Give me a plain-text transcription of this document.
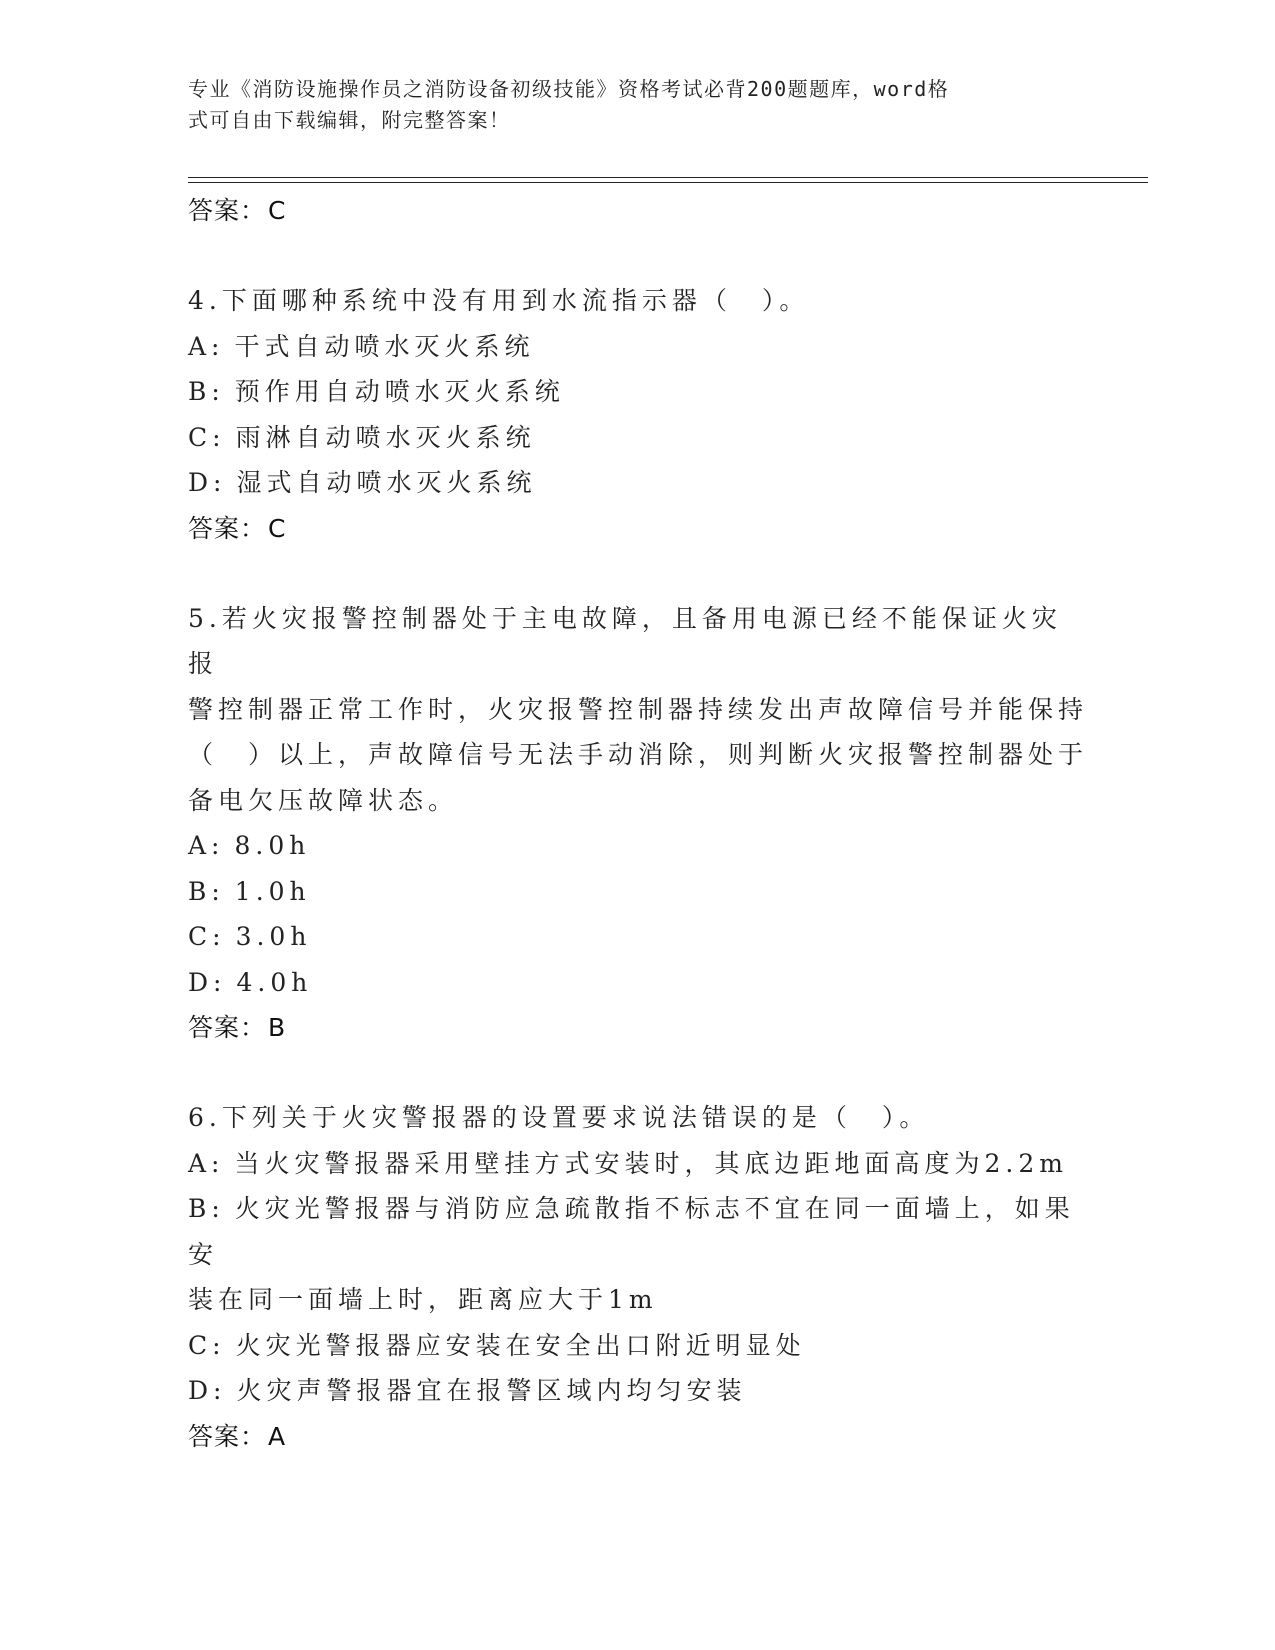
专业《消防设施操作员之消防设备初级技能》资格考试必背200题题库，word格
式可自由下载编辑，附完整答案！
答案：C
4.下面哪种系统中没有用到水流指示器（　）。
A: 干式自动喷水灭火系统
B: 预作用自动喷水灭火系统
C: 雨淋自动喷水灭火系统
D: 湿式自动喷水灭火系统
答案：C
5.若火灾报警控制器处于主电故障，且备用电源已经不能保证火灾报
警控制器正常工作时，火灾报警控制器持续发出声故障信号并能保持
（　）以上，声故障信号无法手动消除，则判断火灾报警控制器处于
备电欠压故障状态。
A: 8.0h
B: 1.0h
C: 3.0h
D: 4.0h
答案：B
6.下列关于火灾警报器的设置要求说法错误的是（　）。
A: 当火灾警报器采用壁挂方式安装时，其底边距地面高度为2.2m
B: 火灾光警报器与消防应急疏散指不标志不宜在同一面墙上，如果安
装在同一面墙上时，距离应大于1m
C: 火灾光警报器应安装在安全出口附近明显处
D: 火灾声警报器宜在报警区域内均匀安装
答案：A
